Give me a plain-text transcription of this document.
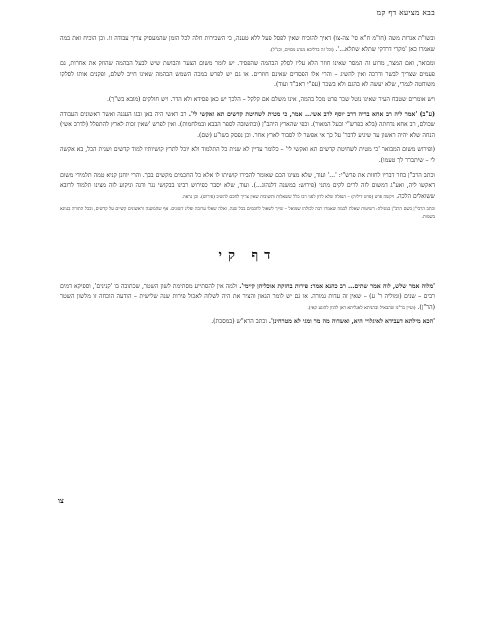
בבא מציעא דף קמ

ובשו"ת אגרות משה (חו"מ ח"א סי' צה-צו) דאיך להוכיח שאין לפסל פעל ללא טענה, כי השכירות חלה לכל הזמן שהמעסיק צריך עבודה זו. וכן הוכיח ואת במה שאמרו כאן 'מקרי דרדקי שתלא שתלא...'. (וכל זה בדליכא מנהג מסוים, וכנ"ל).

ומבואר, ואם המצר, מדוע זה המסר שאינו חוזר הלא עליו לסלק הבהמה שהפסיד. יש לומר משום הצער והבושת שיש לבעל הבהמה שהוזק את אחרות, גם פעמים שצריך לבשר ודרכה ואין להשיג – והרי אלו הפסדים שאינם חוזרים. או גם יש לפרש במכה השמש הבהמה שאינו חייב לשלם, ופקנים אותו לסלקו משוחטה לגמרי, שלא יעשה לא בהגם ולא בשכר (עפ"י ראב"ד ועוד).

ויש אומרים שטבח העיר שאינו נוטל שכר פרט מכל בהמה, אינו משלם אם קלקל – הלכך יש כאן פסידא ולא הדר. ויש חולקים (מובא בש"ך).

(ע"ב) 'אמר ליה רב אחא בריה דרב יוסף לרב אשי... אמר, כי מטית לשחיטת קדשים תא ואקשי לי'. רב ראשי היה באן ובגו העגנה ואשר ראשונים העבודה שכולם, רב אחא נדחתה (בלא כפרש"י ובעל המאור). וכפי שהארץ היהב"ן (ובתשובה לספר הבבא ובמלחמות). ואין לפרש 'שאין זכות לארץ להתפלל (לדרב אשי) הנחה שלא יהיה ראשון עד שיגיע לדבר' על כך אי אפשר לו לסבור לארץ אחר. וכן נפסק בשו"ע (שם).

(ופירוש משום המבואר 'כי מטית לשחיטת קדשים תא ואקשי לי' – כלומר עדיין לא שנית כל התלמוד ולא יוכל לתרץ קושיותיו למוד קדשים ושנית הכל, בא אקשה לי – שיתברר לך טעמו).

וכתב הרב"ן בחר דבריו לחזות את פרש"י: '...' ועוד, שלא מצינו הכם שאומר להבירו קושיתו לו אלא כל החכמים מקשים בבך. והרי יוחנן קניא טמה תלמידי משום דאקשו ליה, ואע"ג דמשום לזה לרים לקים מתני (פירוש: במשנה דלנהוג...). ועוד, שלא יסבר כפירוש רבינו בבקושי נגר ודגה וניקוע לזה מצינו תלמוד לרובא ששואלים הלכה. ויקשה פרט (פרט דיליה) – הנפלה שלא לדון לפני רבו כלל ששאלות ותשובות שאין צריך לחכם להשיב (פירוש). וכן נראה.

וכתב הרבי"ן בשם הרב"ן במגילה: דשיטות שאלת לכמה שאמרו רבה לכולהו שמואל – שייך לשאול לחכמים בכל שנה, ואלה שאלו ערובה ופליג דשונים. אף שהמשנה וראשונים קשיים על קדשים, ובכל התורה בגוונא בשמות.

דף קי

'מלוה אמר שלש, לוה אמר שתים... רב כהנא אמר: פירות בחזקת אוכליהן קיימי'. ולמה אין להסתייע מסתימת לשון השטר, שכתובה בו 'קנינים', וספיקא דמים רבים – שנים (ומוליה ר' ע) – שאין זה עדות גמורה. או גם יש לומר הגאון והציר את היה לשלוה לאכול פירות שנה שלישית – הודעה הוכחה זו מלשון השטר (הר"ן). (ועיין בר"מ שהבאיל ובהניתא לאגליתא דאן להוון להוגע קאי).

'הכא מילתא דעבידא לאיגלויי היא, ואשדוה מה מר ומגי לא מטרחינן'. וכתב הרא"ש (במסכת).

צו
